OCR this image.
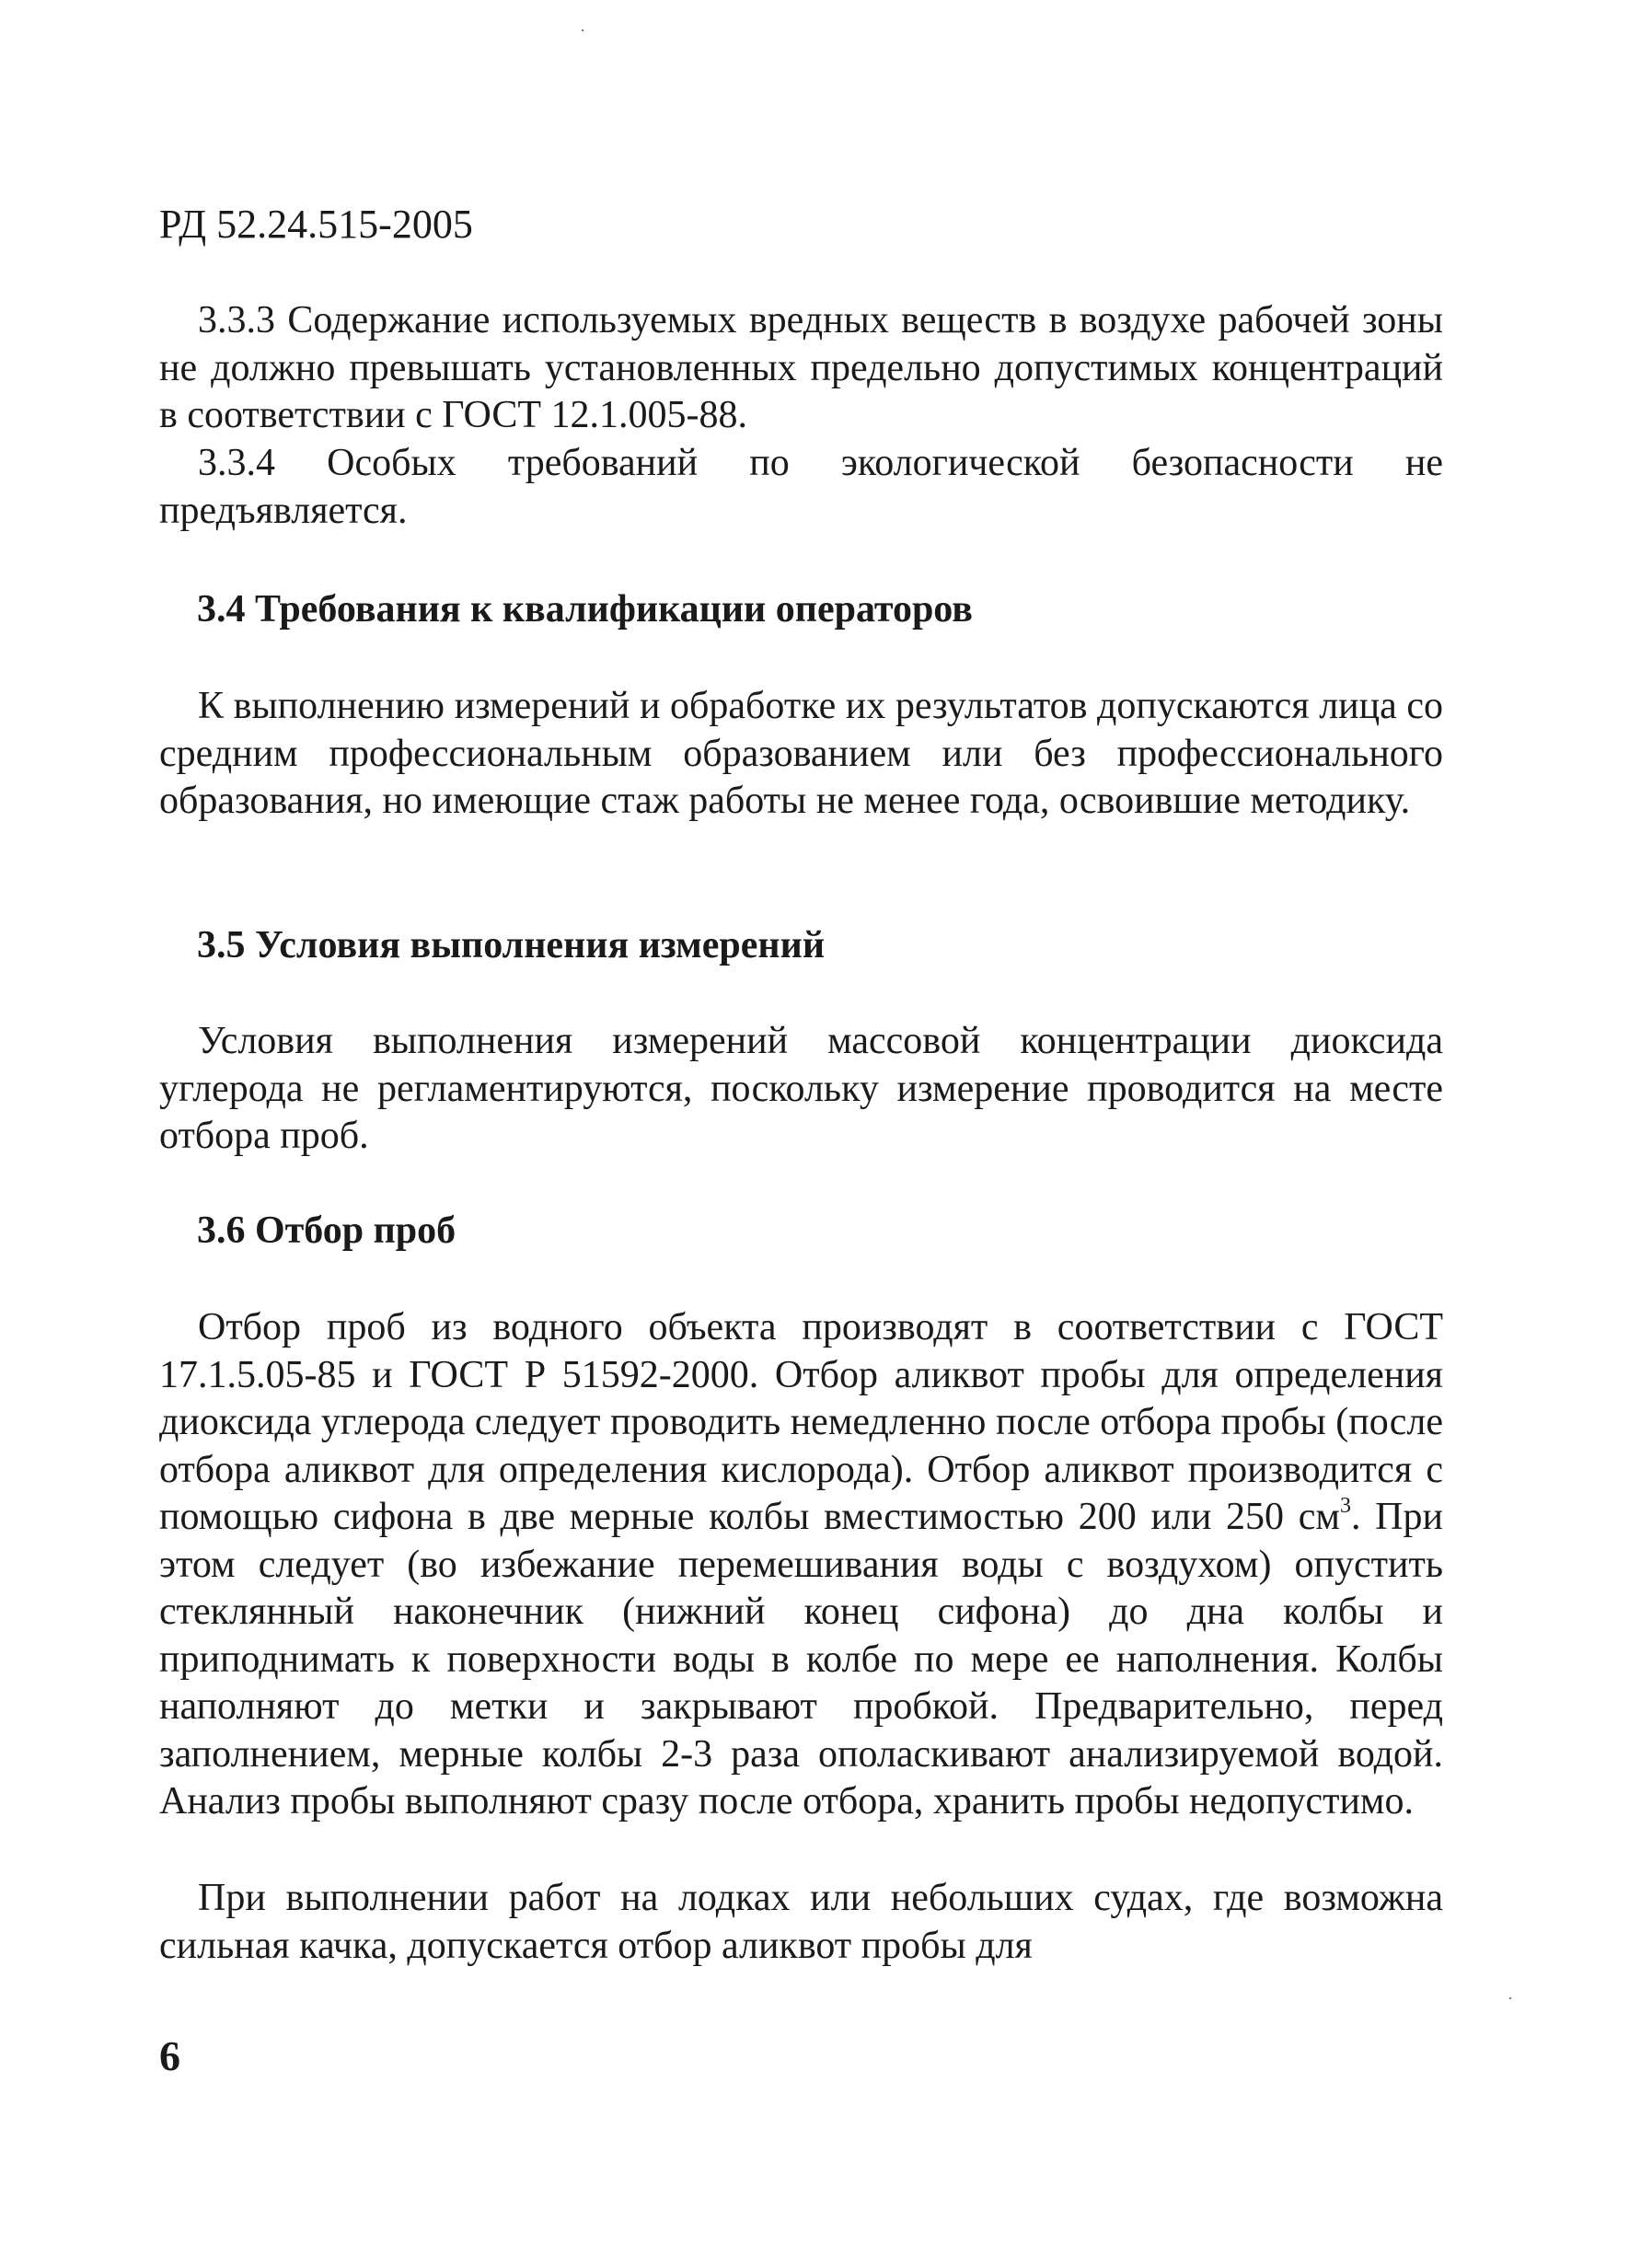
РД 52.24.515-2005

3.3.3 Содержание используемых вредных веществ в воздухе рабочей зоны не должно превышать установленных предельно допустимых концентраций в соответствии с ГОСТ 12.1.005-88.

3.3.4 Особых требований по экологической безопасности не предъявляется.

3.4 Требования к квалификации операторов

К выполнению измерений и обработке их результатов допускаются лица со средним профессиональным образованием или без профессионального образования, но имеющие стаж работы не менее года, освоившие методику.

3.5 Условия выполнения измерений

Условия выполнения измерений массовой концентрации диоксида углерода не регламентируются, поскольку измерение проводится на месте отбора проб.

3.6 Отбор проб

Отбор проб из водного объекта производят в соответствии с ГОСТ 17.1.5.05-85 и ГОСТ Р 51592-2000. Отбор аликвот пробы для определения диоксида углерода следует проводить немедленно после отбора пробы (после отбора аликвот для определения кислорода). Отбор аликвот производится с помощью сифона в две мерные колбы вместимостью 200 или 250 $см^3$. При этом следует (во избежание перемешивания воды с воздухом) опустить стеклянный наконечник (нижний конец сифона) до дна колбы и приподнимать к поверхности воды в колбе по мере ее наполнения. Колбы наполняют до метки и закрывают пробкой. Предварительно, перед заполнением, мерные колбы 2-3 раза ополаскивают анализируемой водой. Анализ пробы выполняют сразу после отбора, хранить пробы недопустимо.

При выполнении работ на лодках или небольших судах, где возможна сильная качка, допускается отбор аликвот пробы для

6
